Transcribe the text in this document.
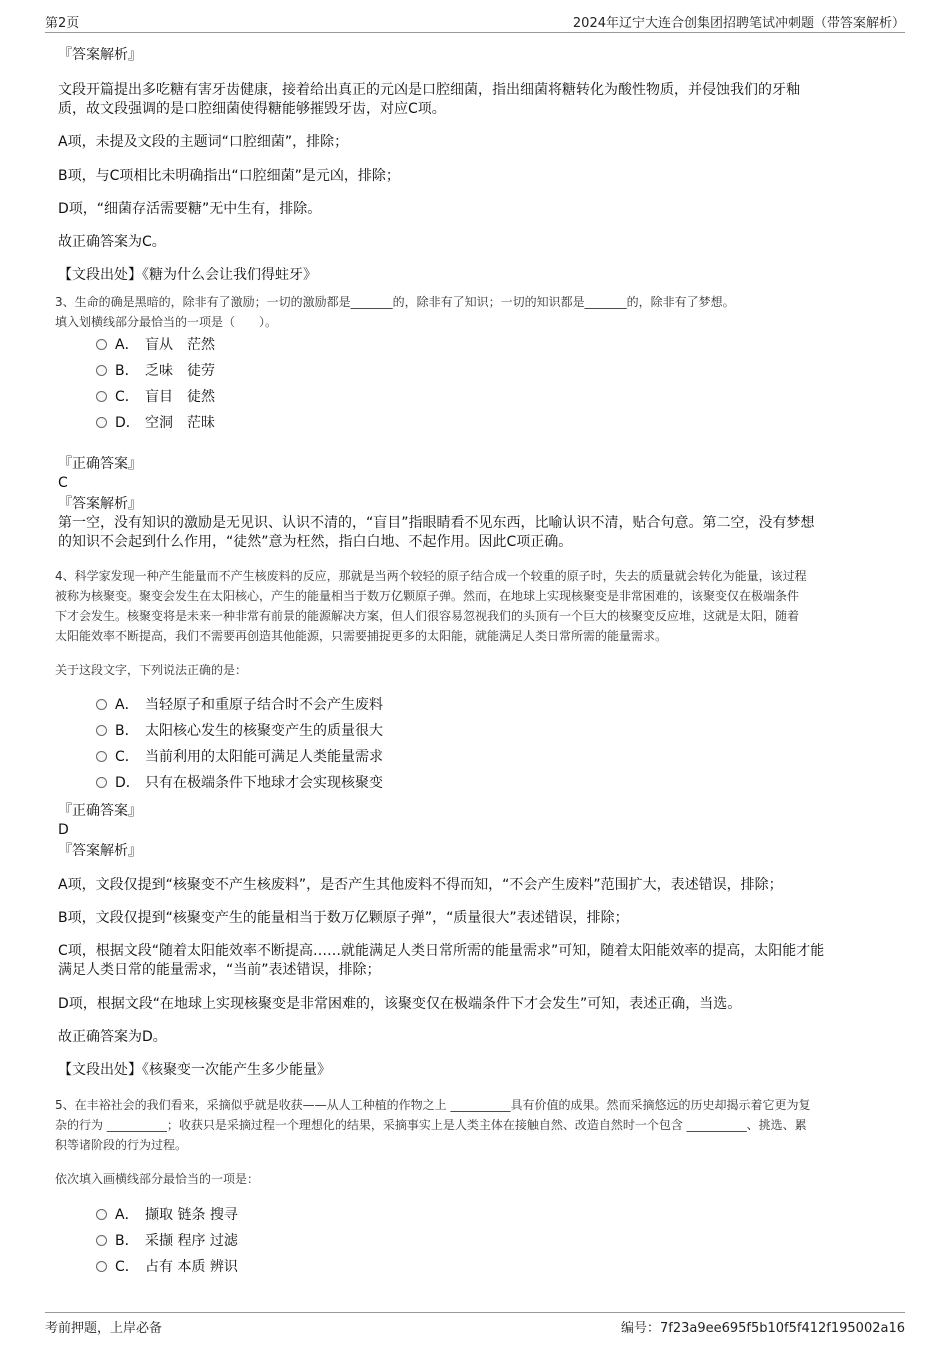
第2页	2024年辽宁大连合创集团招聘笔试冲刺题（带答案解析）
『答案解析』
文段开篇提出多吃糖有害牙齿健康，接着给出真正的元凶是口腔细菌，指出细菌将糖转化为酸性物质，并侵蚀我们的牙釉
质，故文段强调的是口腔细菌使得糖能够摧毁牙齿，对应C项。
A项，未提及文段的主题词“口腔细菌”，排除；
B项，与C项相比未明确指出“口腔细菌”是元凶，排除；
D项，“细菌存活需要糖”无中生有，排除。
故正确答案为C。
【文段出处】《糖为什么会让我们得蛀牙》
3、生命的确是黑暗的，除非有了激励；一切的激励都是_______的，除非有了知识；一切的知识都是_______的，除非有了梦想。
填入划横线部分最恰当的一项是（　　）。
A． 盲从　茫然
B． 乏味　徒劳
C． 盲目　徒然
D． 空洞　茫昧
『正确答案』
C
『答案解析』
第一空，没有知识的激励是无见识、认识不清的，“盲目”指眼睛看不见东西，比喻认识不清，贴合句意。第二空，没有梦想
的知识不会起到什么作用，“徒然”意为枉然，指白白地、不起作用。因此C项正确。
4、科学家发现一种产生能量而不产生核废料的反应，那就是当两个较轻的原子结合成一个较重的原子时，失去的质量就会转化为能量，该过程
被称为核聚变。聚变会发生在太阳核心，产生的能量相当于数万亿颗原子弹。然而，在地球上实现核聚变是非常困难的，该聚变仅在极端条件
下才会发生。核聚变将是未来一种非常有前景的能源解决方案，但人们很容易忽视我们的头顶有一个巨大的核聚变反应堆，这就是太阳，随着
太阳能效率不断提高，我们不需要再创造其他能源，只需要捕捉更多的太阳能，就能满足人类日常所需的能量需求。
关于这段文字，下列说法正确的是：
A． 当轻原子和重原子结合时不会产生废料
B． 太阳核心发生的核聚变产生的质量很大
C． 当前利用的太阳能可满足人类能量需求
D． 只有在极端条件下地球才会实现核聚变
『正确答案』
D
『答案解析』
A项，文段仅提到“核聚变不产生核废料”，是否产生其他废料不得而知，“不会产生废料”范围扩大，表述错误，排除；
B项，文段仅提到“核聚变产生的能量相当于数万亿颗原子弹”，“质量很大”表述错误，排除；
C项，根据文段“随着太阳能效率不断提高……就能满足人类日常所需的能量需求”可知，随着太阳能效率的提高，太阳能才能
满足人类日常的能量需求，“当前”表述错误，排除；
D项，根据文段“在地球上实现核聚变是非常困难的，该聚变仅在极端条件下才会发生”可知，表述正确，当选。
故正确答案为D。
【文段出处】《核聚变一次能产生多少能量》
5、在丰裕社会的我们看来，采摘似乎就是收获——从人工种植的作物之上 __________具有价值的成果。然而采摘悠远的历史却揭示着它更为复
杂的行为 __________；收获只是采摘过程一个理想化的结果，采摘事实上是人类主体在接触自然、改造自然时一个包含 __________、挑选、累
积等诸阶段的行为过程。
依次填入画横线部分最恰当的一项是：
A． 撷取 链条 搜寻
B． 采撷 程序 过滤
C． 占有 本质 辨识
考前押题，上岸必备	编号：7f23a9ee695f5b10f5f412f195002a16
